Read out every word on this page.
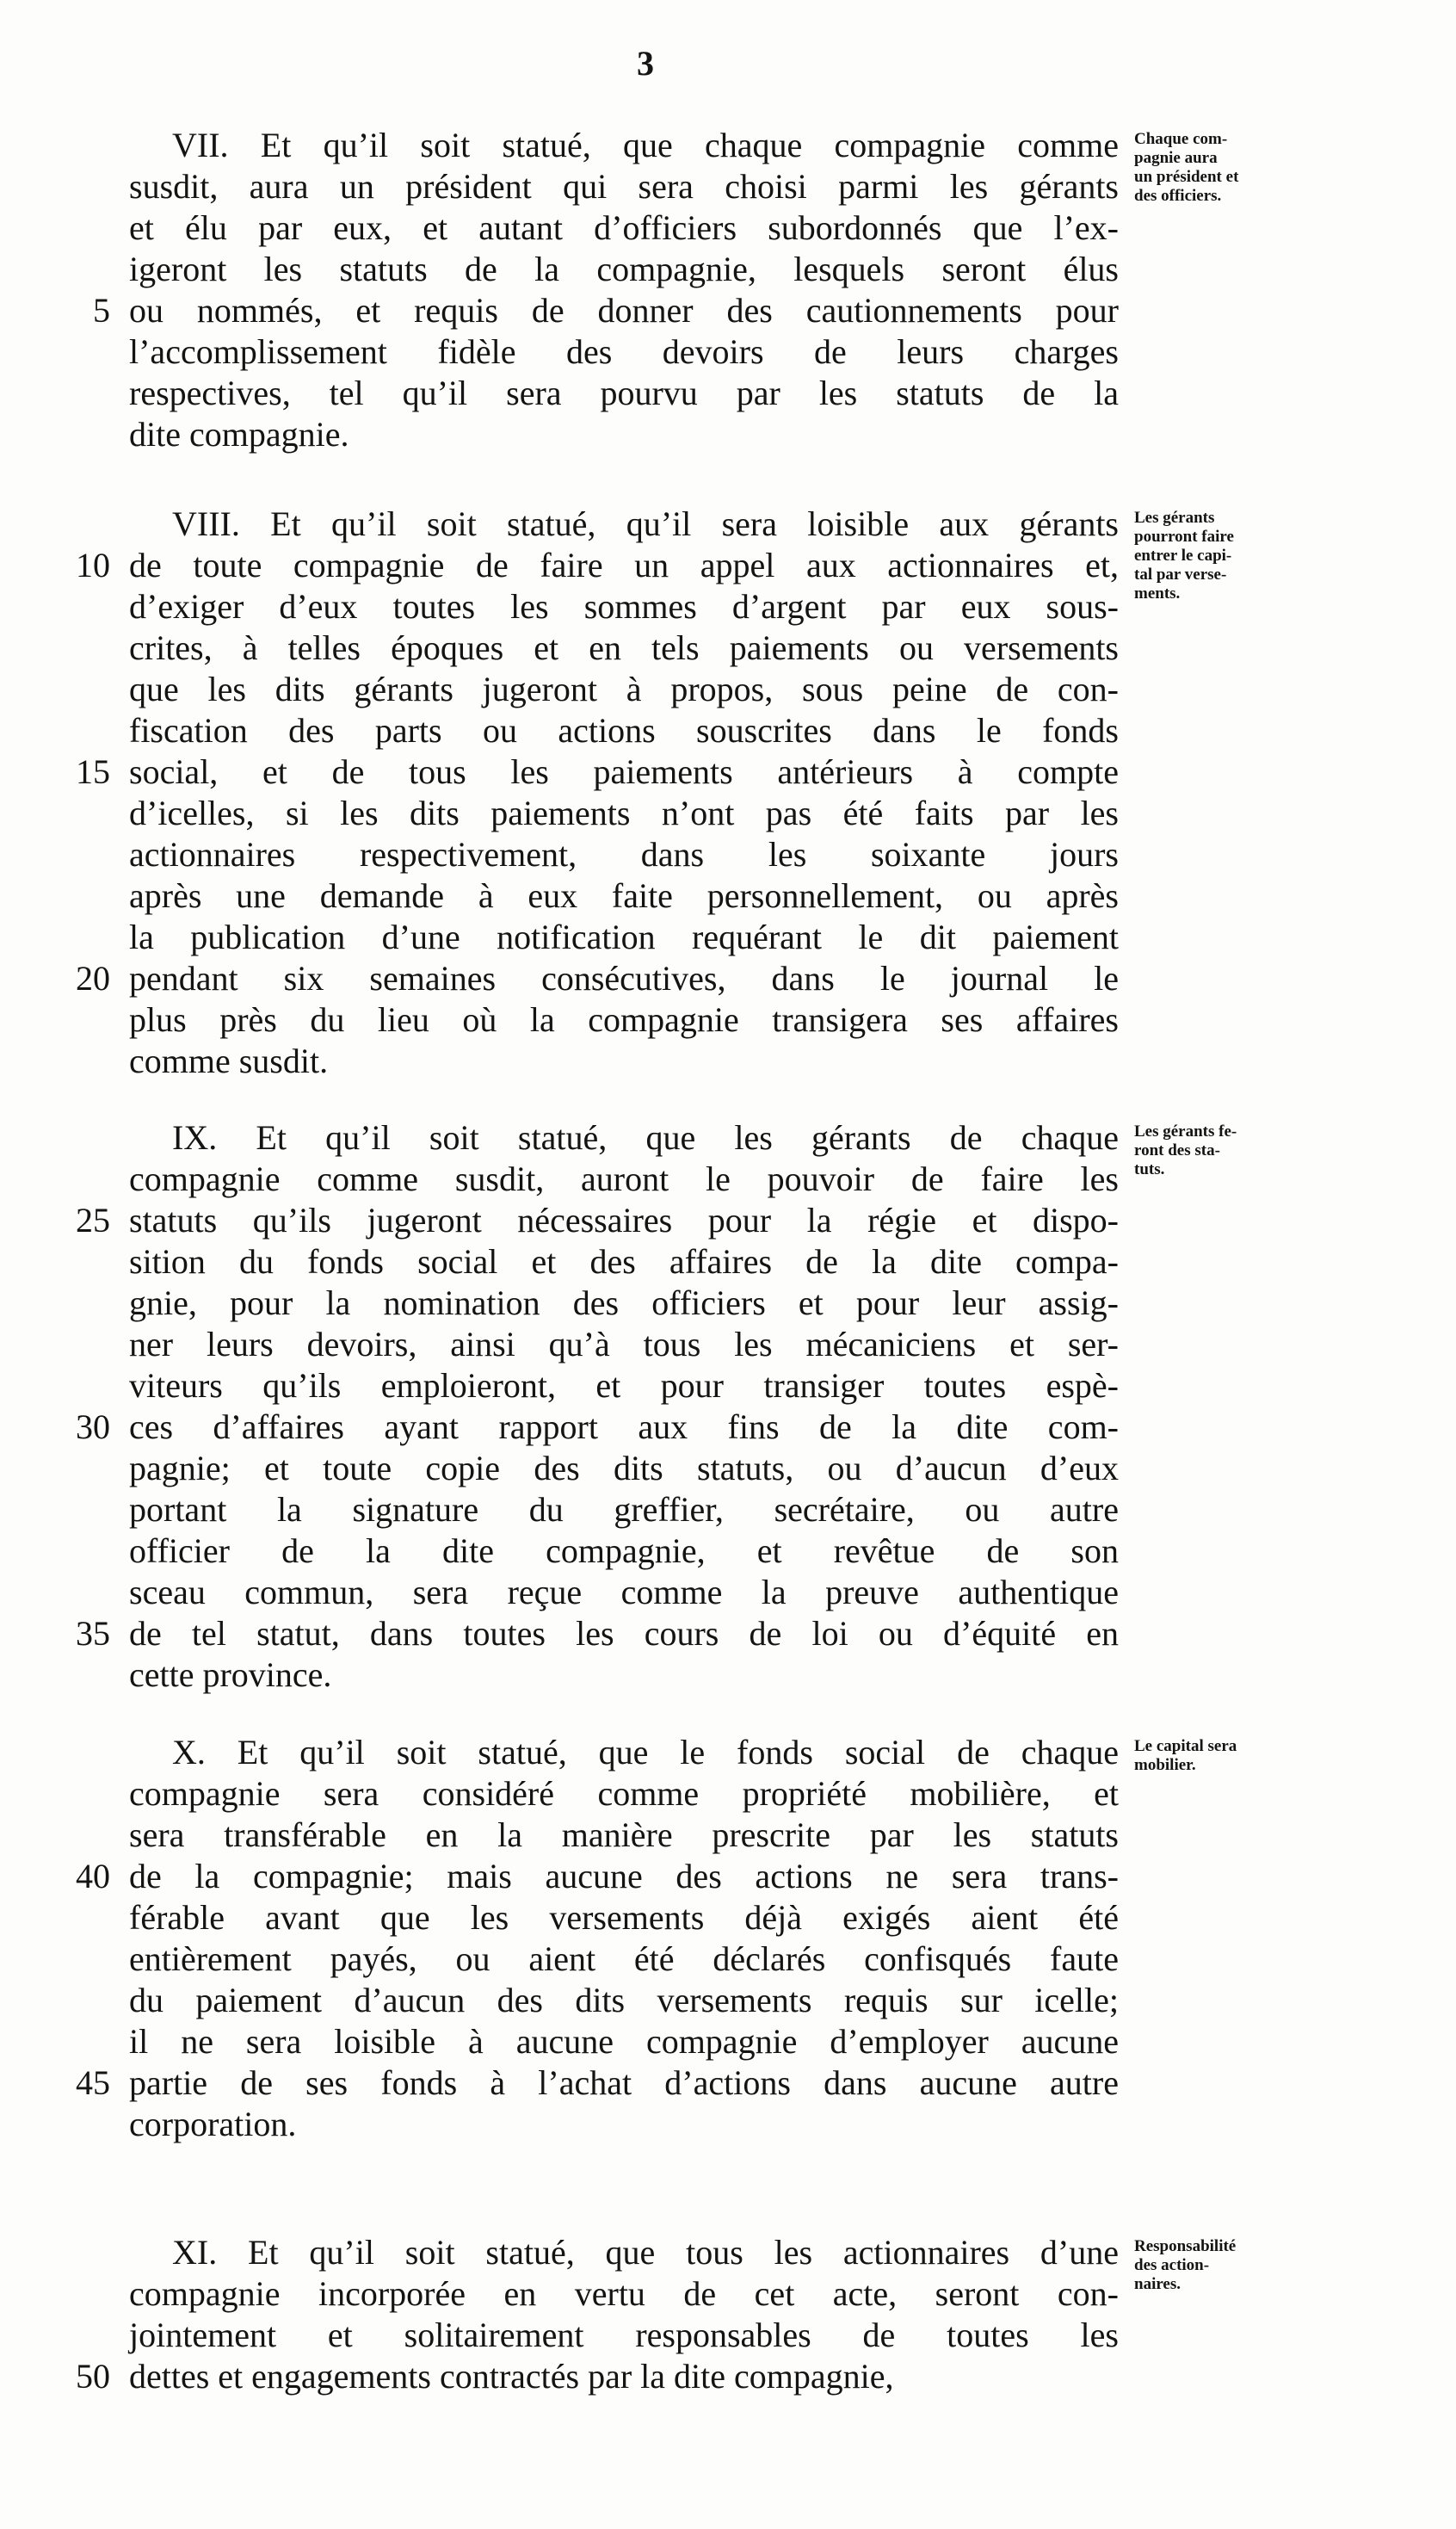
3
VII. Et qu’il soit statué, que chaque compagnie comme
susdit, aura un président qui sera choisi parmi les gérants
et élu par eux, et autant d’officiers subordonnés que l’ex-
igeront les statuts de la compagnie, lesquels seront élus
5 ou nommés, et requis de donner des cautionnements pour
l’accomplissement fidèle des devoirs de leurs charges
respectives, tel qu’il sera pourvu par les statuts de la
dite compagnie.
Chaque com-
pagnie aura
un président et
des officiers.
VIII. Et qu’il soit statué, qu’il sera loisible aux gérants
10 de toute compagnie de faire un appel aux actionnaires et,
d’exiger d’eux toutes les sommes d’argent par eux sous-
crites, à telles époques et en tels paiements ou versements
que les dits gérants jugeront à propos, sous peine de con-
fiscation des parts ou actions souscrites dans le fonds
15 social, et de tous les paiements antérieurs à compte
d’icelles, si les dits paiements n’ont pas été faits par les
actionnaires respectivement, dans les soixante jours
après une demande à eux faite personnellement, ou après
la publication d’une notification requérant le dit paiement
20 pendant six semaines consécutives, dans le journal le
plus près du lieu où la compagnie transigera ses affaires
comme susdit.
Les gérants
pourront faire
entrer le capi-
tal par verse-
ments.
IX. Et qu’il soit statué, que les gérants de chaque
compagnie comme susdit, auront le pouvoir de faire les
25 statuts qu’ils jugeront nécessaires pour la régie et dispo-
sition du fonds social et des affaires de la dite compa-
gnie, pour la nomination des officiers et pour leur assig-
ner leurs devoirs, ainsi qu’à tous les mécaniciens et ser-
viteurs qu’ils emploieront, et pour transiger toutes espè-
30 ces d’affaires ayant rapport aux fins de la dite com-
pagnie; et toute copie des dits statuts, ou d’aucun d’eux
portant la signature du greffier, secrétaire, ou autre
officier de la dite compagnie, et revêtue de son
sceau commun, sera reçue comme la preuve authentique
35 de tel statut, dans toutes les cours de loi ou d’équité en
cette province.
Les gérants fe-
ront des sta-
tuts.
X. Et qu’il soit statué, que le fonds social de chaque
compagnie sera considéré comme propriété mobilière, et
sera transférable en la manière prescrite par les statuts
40 de la compagnie; mais aucune des actions ne sera trans-
férable avant que les versements déjà exigés aient été
entièrement payés, ou aient été déclarés confisqués faute
du paiement d’aucun des dits versements requis sur icelle;
il ne sera loisible à aucune compagnie d’employer aucune
45 partie de ses fonds à l’achat d’actions dans aucune autre
corporation.
Le capital sera
mobilier.
XI. Et qu’il soit statué, que tous les actionnaires d’une
compagnie incorporée en vertu de cet acte, seront con-
jointement et solitairement responsables de toutes les
50 dettes et engagements contractés par la dite compagnie,
Responsabilité
des action-
naires.
